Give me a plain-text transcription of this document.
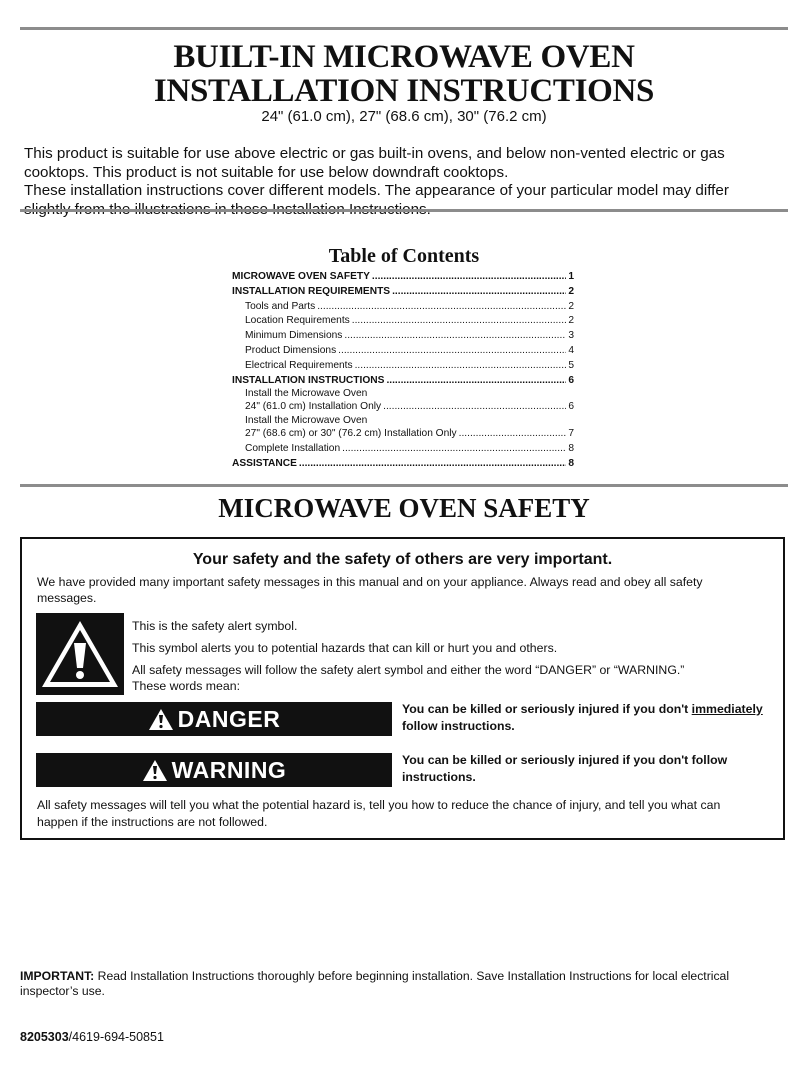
BUILT-IN MICROWAVE OVEN
INSTALLATION INSTRUCTIONS
24" (61.0 cm), 27" (68.6 cm), 30" (76.2 cm)

This product is suitable for use above electric or gas built-in ovens, and below non-vented electric or gas cooktops. This product is not suitable for use below downdraft cooktops.

These installation instructions cover different models. The appearance of your particular model may differ

Table of Contents
MICROWAVE OVEN SAFETY .....	1
INSTALLATION REQUIREMENTS .....	2
Tools and Parts .....	2
Location Requirements .....	2
Minimum Dimensions .....	3
Product Dimensions .....	4
Electrical Requirements .....	5
INSTALLATION INSTRUCTIONS .....	6
Install the Microwave Oven
24" (61.0 cm) Installation Only .....	6
Install the Microwave Oven
27" (68.6 cm) or 30" (76.2 cm) Installation Only .....	7
Complete Installation .....	8
ASSISTANCE .....	8
MICROWAVE OVEN SAFETY
Your safety and the safety of others are very important.

We have provided many important safety messages in this manual and on your appliance. Always read and obey all safety messages.

This is the safety alert symbol.
This symbol alerts you to potential hazards that can kill or hurt you and others.
All safety messages will follow the safety alert symbol and either the word “DANGER” or “WARNING.”
These words mean:
DANGER	You can be killed or seriously injured if you don't immediately follow instructions.

WARNING	You can be killed or seriously injured if you don't follow instructions.

All safety messages will tell you what the potential hazard is, tell you how to reduce the chance of injury, and tell you what can happen if the instructions are not followed.

IMPORTANT: Read Installation Instructions thoroughly before beginning installation. Save Installation Instructions for local electrical inspector’s use.

8205303/4619-694-50851
